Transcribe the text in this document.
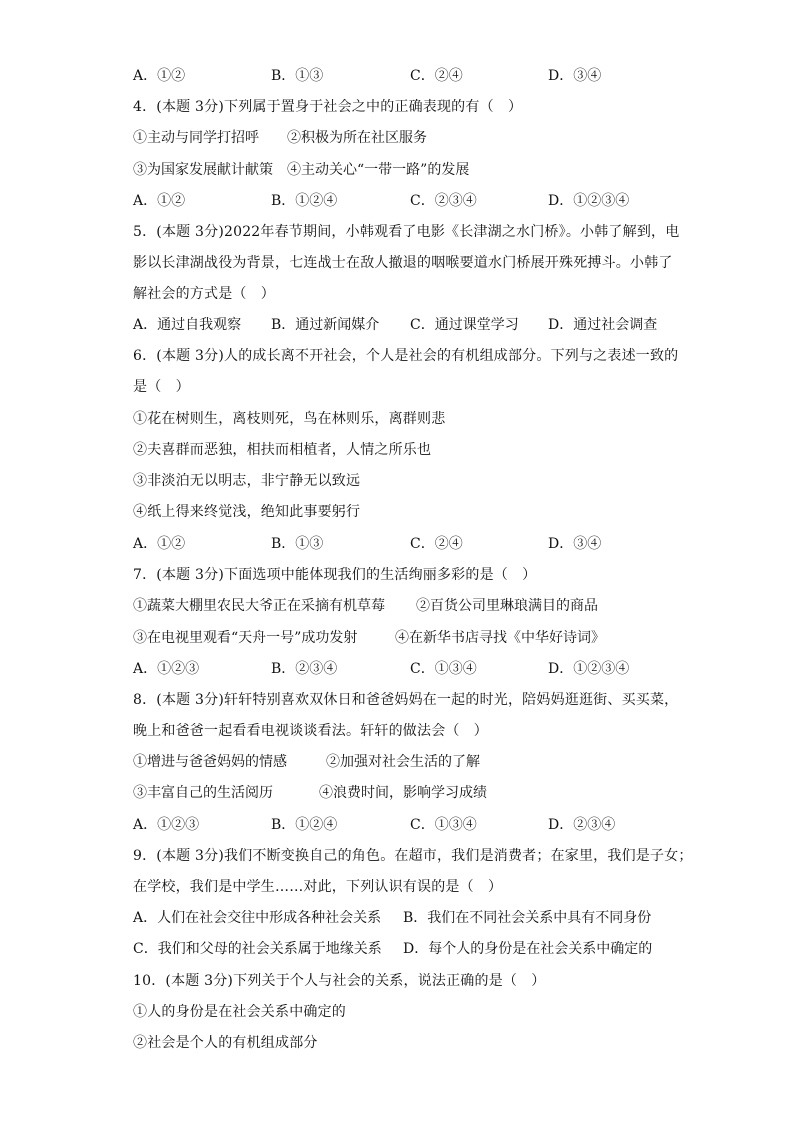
A．①②	B．①③	C．②④	D．③④
4．(本题 3分)下列属于置身于社会之中的正确表现的有（　）
①主动与同学打招呼 ②积极为所在社区服务
③为国家发展献计献策 ④主动关心“一带一路”的发展
A．①②	B．①②④	C．②③④	D．①②③④
5．(本题 3分)2022年春节期间，小韩观看了电影《长津湖之水门桥》。小韩了解到，电
影以长津湖战役为背景，七连战士在敌人撤退的咽喉要道水门桥展开殊死搏斗。小韩了
解社会的方式是（　）
A．通过自我观察 B．通过新闻媒介 C．通过课堂学习 D．通过社会调查
6．(本题 3分)人的成长离不开社会，个人是社会的有机组成部分。下列与之表述一致的
是（　）
①花在树则生，离枝则死，鸟在林则乐，离群则悲
②夫喜群而恶独，相扶而相植者，人情之所乐也
③非淡泊无以明志，非宁静无以致远
④纸上得来终觉浅，绝知此事要躬行
A．①②	B．①③	C．②④	D．③④
7．(本题 3分)下面选项中能体现我们的生活绚丽多彩的是（　）
①蔬菜大棚里农民大爷正在采摘有机草莓 ②百货公司里琳琅满目的商品
③在电视里观看“天舟一号”成功发射	④在新华书店寻找《中华好诗词》
A．①②③	B．②③④	C．①③④	D．①②③④
8．(本题 3分)轩轩特别喜欢双休日和爸爸妈妈在一起的时光，陪妈妈逛逛街、买买菜，
晚上和爸爸一起看看电视谈谈看法。轩轩的做法会（　）
①增进与爸爸妈妈的情感	②加强对社会生活的了解
③丰富自己的生活阅历	④浪费时间，影响学习成绩
A．①②③	B．①②④	C．①③④	D．②③④
9．(本题 3分)我们不断变换自己的角色。在超市，我们是消费者；在家里，我们是子女；
在学校，我们是中学生……对此，下列认识有误的是（　）
A．人们在社会交往中形成各种社会关系 B．我们在不同社会关系中具有不同身份
C．我们和父母的社会关系属于地缘关系 D．每个人的身份是在社会关系中确定的
10．(本题 3分)下列关于个人与社会的关系，说法正确的是（　）
①人的身份是在社会关系中确定的
②社会是个人的有机组成部分
